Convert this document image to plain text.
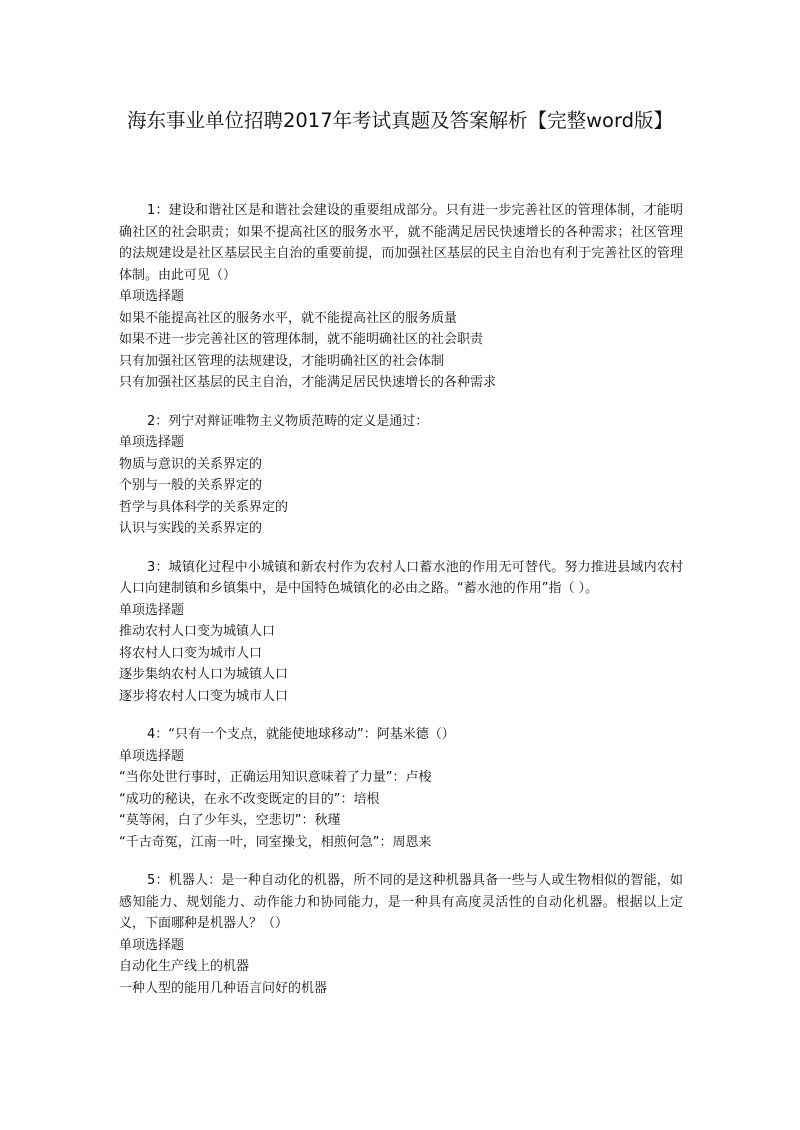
海东事业单位招聘2017年考试真题及答案解析【完整word版】

1：建设和谐社区是和谐社会建设的重要组成部分。只有进一步完善社区的管理体制，才能明确社区的社会职责；如果不提高社区的服务水平，就不能满足居民快速增长的各种需求；社区管理的法规建设是社区基层民主自治的重要前提，而加强社区基层的民主自治也有利于完善社区的管理体制。由此可见（）

单项选择题

如果不能提高社区的服务水平，就不能提高社区的服务质量

如果不进一步完善社区的管理体制，就不能明确社区的社会职责

只有加强社区管理的法规建设，才能明确社区的社会体制

只有加强社区基层的民主自治，才能满足居民快速增长的各种需求

2：列宁对辩证唯物主义物质范畴的定义是通过：

单项选择题

物质与意识的关系界定的

个别与一般的关系界定的

哲学与具体科学的关系界定的

认识与实践的关系界定的

3：城镇化过程中小城镇和新农村作为农村人口蓄水池的作用无可替代。努力推进县域内农村人口向建制镇和乡镇集中，是中国特色城镇化的必由之路。“蓄水池的作用”指（ ）。

单项选择题

推动农村人口变为城镇人口

将农村人口变为城市人口

逐步集纳农村人口为城镇人口

逐步将农村人口变为城市人口

4：“只有一个支点，就能使地球移动”：阿基米德（）

单项选择题

“当你处世行事时，正确运用知识意味着了力量”：卢梭

“成功的秘诀，在永不改变既定的目的”：培根

“莫等闲，白了少年头，空悲切”：秋瑾

“千古奇冤，江南一叶，同室操戈，相煎何急”：周恩来

5：机器人：是一种自动化的机器，所不同的是这种机器具备一些与人或生物相似的智能，如感知能力、规划能力、动作能力和协同能力，是一种具有高度灵活性的自动化机器。根据以上定义，下面哪种是机器人？（）

单项选择题

自动化生产线上的机器

一种人型的能用几种语言问好的机器
